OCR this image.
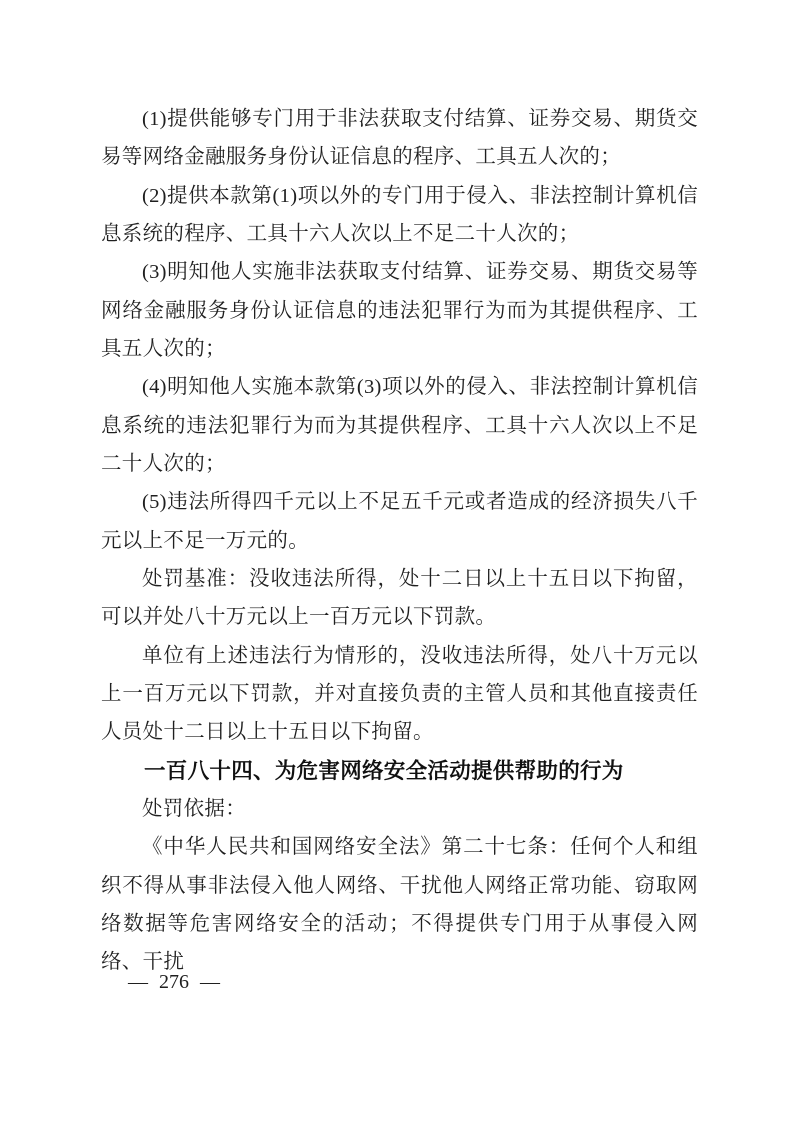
(1)提供能够专门用于非法获取支付结算、证券交易、期货交易等网络金融服务身份认证信息的程序、工具五人次的；

(2)提供本款第(1)项以外的专门用于侵入、非法控制计算机信息系统的程序、工具十六人次以上不足二十人次的；

(3)明知他人实施非法获取支付结算、证券交易、期货交易等网络金融服务身份认证信息的违法犯罪行为而为其提供程序、工具五人次的；

(4)明知他人实施本款第(3)项以外的侵入、非法控制计算机信息系统的违法犯罪行为而为其提供程序、工具十六人次以上不足二十人次的；

(5)违法所得四千元以上不足五千元或者造成的经济损失八千元以上不足一万元的。

处罚基准：没收违法所得，处十二日以上十五日以下拘留，可以并处八十万元以上一百万元以下罚款。

单位有上述违法行为情形的，没收违法所得，处八十万元以上一百万元以下罚款，并对直接负责的主管人员和其他直接责任人员处十二日以上十五日以下拘留。

一百八十四、为危害网络安全活动提供帮助的行为

处罚依据：

《中华人民共和国网络安全法》第二十七条：任何个人和组织不得从事非法侵入他人网络、干扰他人网络正常功能、窃取网络数据等危害网络安全的活动；不得提供专门用于从事侵入网络、干扰

— 276 —
